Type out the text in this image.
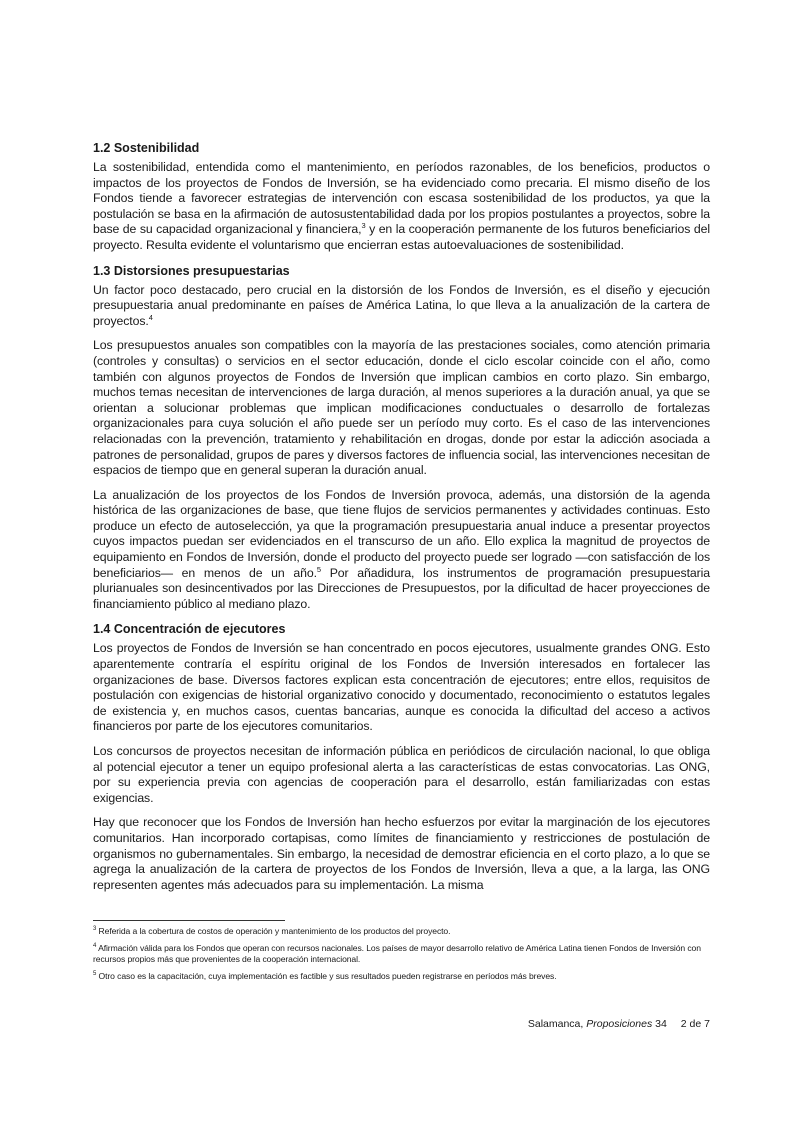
1.2 Sostenibilidad

La sostenibilidad, entendida como el mantenimiento, en períodos razonables, de los beneficios, productos o impactos de los proyectos de Fondos de Inversión, se ha evidenciado como precaria. El mismo diseño de los Fondos tiende a favorecer estrategias de intervención con escasa sostenibilidad de los productos, ya que la postulación se basa en la afirmación de autosustentabilidad dada por los propios postulantes a proyectos, sobre la base de su capacidad organizacional y financiera,$^3$ y en la cooperación permanente de los futuros beneficiarios del proyecto. Resulta evidente el voluntarismo que encierran estas autoevaluaciones de sostenibilidad.

1.3 Distorsiones presupuestarias

Un factor poco destacado, pero crucial en la distorsión de los Fondos de Inversión, es el diseño y ejecución presupuestaria anual predominante en países de América Latina, lo que lleva a la anualización de la cartera de proyectos.$^4$

Los presupuestos anuales son compatibles con la mayoría de las prestaciones sociales, como atención primaria (controles y consultas) o servicios en el sector educación, donde el ciclo escolar coincide con el año, como también con algunos proyectos de Fondos de Inversión que implican cambios en corto plazo. Sin embargo, muchos temas necesitan de intervenciones de larga duración, al menos superiores a la duración anual, ya que se orientan a solucionar problemas que implican modificaciones conductuales o desarrollo de fortalezas organizacionales para cuya solución el año puede ser un período muy corto. Es el caso de las intervenciones relacionadas con la prevención, tratamiento y rehabilitación en drogas, donde por estar la adicción asociada a patrones de personalidad, grupos de pares y diversos factores de influencia social, las intervenciones necesitan de espacios de tiempo que en general superan la duración anual.

La anualización de los proyectos de los Fondos de Inversión provoca, además, una distorsión de la agenda histórica de las organizaciones de base, que tiene flujos de servicios permanentes y actividades continuas. Esto produce un efecto de autoselección, ya que la programación presupuestaria anual induce a presentar proyectos cuyos impactos puedan ser evidenciados en el transcurso de un año. Ello explica la magnitud de proyectos de equipamiento en Fondos de Inversión, donde el producto del proyecto puede ser logrado —con satisfacción de los beneficiarios— en menos de un año.$^5$ Por añadidura, los instrumentos de programación presupuestaria plurianuales son desincentivados por las Direcciones de Presupuestos, por la dificultad de hacer proyecciones de financiamiento público al mediano plazo.

1.4 Concentración de ejecutores

Los proyectos de Fondos de Inversión se han concentrado en pocos ejecutores, usualmente grandes ONG. Esto aparentemente contraría el espíritu original de los Fondos de Inversión interesados en fortalecer las organizaciones de base. Diversos factores explican esta concentración de ejecutores; entre ellos, requisitos de postulación con exigencias de historial organizativo conocido y documentado, reconocimiento o estatutos legales de existencia y, en muchos casos, cuentas bancarias, aunque es conocida la dificultad del acceso a activos financieros por parte de los ejecutores comunitarios.

Los concursos de proyectos necesitan de información pública en periódicos de circulación nacional, lo que obliga al potencial ejecutor a tener un equipo profesional alerta a las características de estas convocatorias. Las ONG, por su experiencia previa con agencias de cooperación para el desarrollo, están familiarizadas con estas exigencias.

Hay que reconocer que los Fondos de Inversión han hecho esfuerzos por evitar la marginación de los ejecutores comunitarios. Han incorporado cortapisas, como límites de financiamiento y restricciones de postulación de organismos no gubernamentales. Sin embargo, la necesidad de demostrar eficiencia en el corto plazo, a lo que se agrega la anualización de la cartera de proyectos de los Fondos de Inversión, lleva a que, a la larga, las ONG representen agentes más adecuados para su implementación. La misma

$^3$ Referida a la cobertura de costos de operación y mantenimiento de los productos del proyecto.

$^4$ Afirmación válida para los Fondos que operan con recursos nacionales. Los países de mayor desarrollo relativo de América Latina tienen Fondos de Inversión con recursos propios más que provenientes de la cooperación internacional.

$^5$ Otro caso es la capacitación, cuya implementación es factible y sus resultados pueden registrarse en períodos más breves.

Salamanca, Proposiciones 34 2 de 7
